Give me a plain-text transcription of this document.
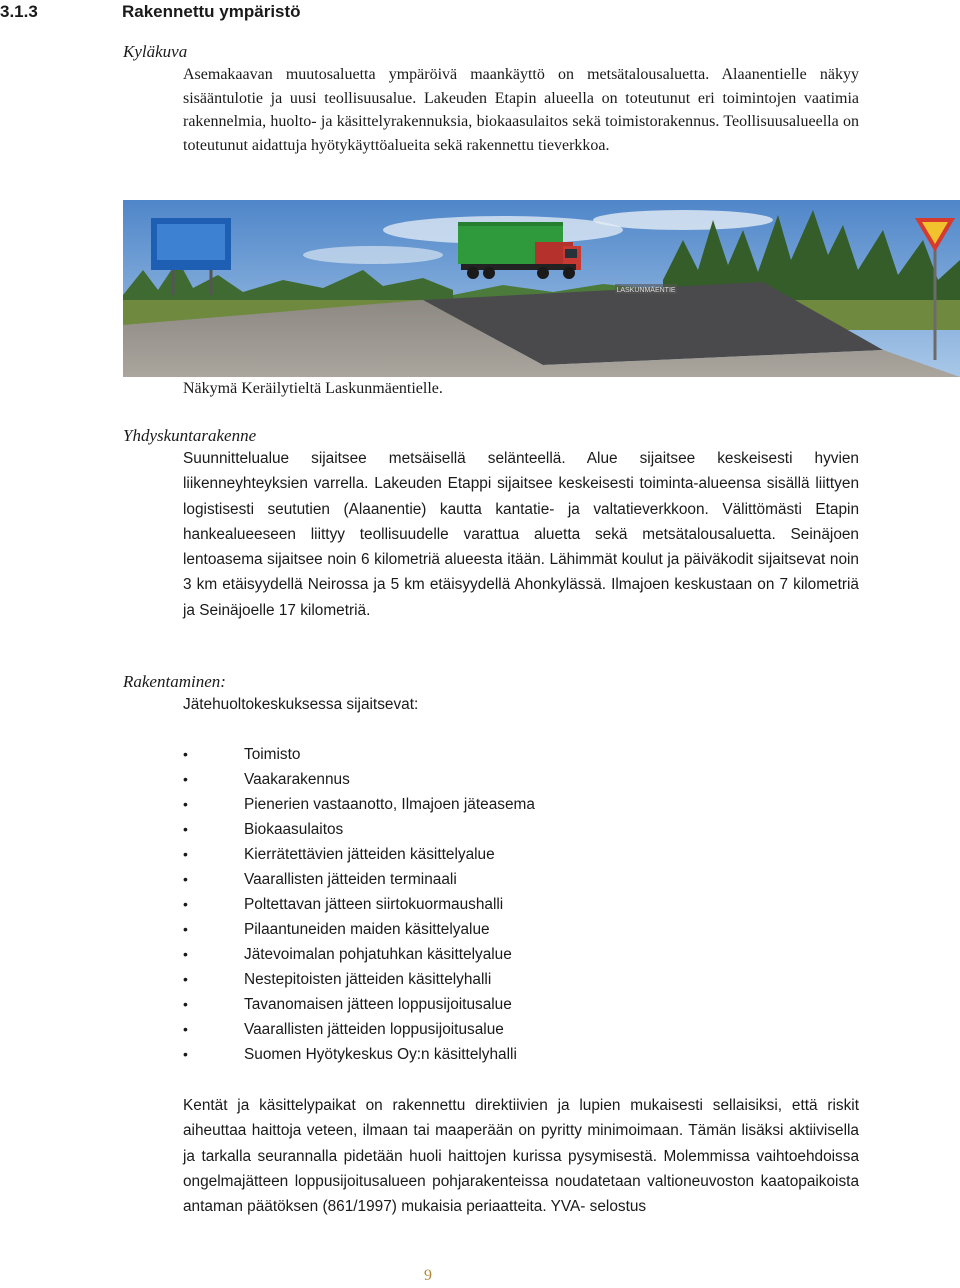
3.1.3	Rakennettu ympäristö
Kyläkuva
Asemakaavan muutosaluetta ympäröivä maankäyttö on metsätalousaluetta. Alaanentielle näkyy sisääntulotie ja uusi teollisuusalue. Lakeuden Etapin alueella on toteutunut eri toimintojen vaatimia rakennelmia, huolto- ja käsittelyrakennuksia, biokaasulaitos sekä toimistorakennus. Teollisuusalueella on toteutunut aidattuja hyötykäyttöalueita sekä rakennettu tieverkkoa.
LASKUNMÄENTIE
Näkymä Keräilytieltä Laskunmäentielle.
Yhdyskuntarakenne
Suunnittelualue sijaitsee metsäisellä selänteellä. Alue sijaitsee keskeisesti hyvien liikenneyhteyksien varrella. Lakeuden Etappi sijaitsee keskeisesti toiminta-alueensa sisällä liittyen logistisesti seututien (Alaanentie) kautta kantatie- ja valtatieverkkoon. Välittömästi Etapin hankealueeseen liittyy teollisuudelle varattua aluetta sekä metsätalousaluetta. Seinäjoen lentoasema sijaitsee noin 6 kilometriä alueesta itään. Lähimmät koulut ja päiväkodit sijaitsevat noin 3 km etäisyydellä Neirossa ja 5 km etäisyydellä Ahonkylässä. Ilmajoen keskustaan on 7 kilometriä ja Seinäjoelle 17 kilometriä.
Rakentaminen:
Jätehuoltokeskuksessa sijaitsevat:
•	Toimisto
•	Vaakarakennus
•	Pienerien vastaanotto, Ilmajoen jäteasema
•	Biokaasulaitos
•	Kierrätettävien jätteiden käsittelyalue
•	Vaarallisten jätteiden terminaali
•	Poltettavan jätteen siirtokuormaushalli
•	Pilaantuneiden maiden käsittelyalue
•	Jätevoimalan pohjatuhkan käsittelyalue
•	Nestepitoisten jätteiden käsittelyhalli
•	Tavanomaisen jätteen loppusijoitusalue
•	Vaarallisten jätteiden loppusijoitusalue
•	Suomen Hyötykeskus Oy:n käsittelyhalli
Kentät ja käsittelypaikat on rakennettu direktiivien ja lupien mukaisesti sellaisiksi, että riskit aiheuttaa haittoja veteen, ilmaan tai maaperään on pyritty minimoimaan. Tämän lisäksi aktiivisella ja tarkalla seurannalla pidetään huoli haittojen kurissa pysymisestä. Molemmissa vaihtoehdoissa ongelmajätteen loppusijoitusalueen pohjarakenteissa noudatetaan valtioneuvoston kaatopaikoista antaman päätöksen (861/1997) mukaisia periaatteita. YVA- selostus
9
